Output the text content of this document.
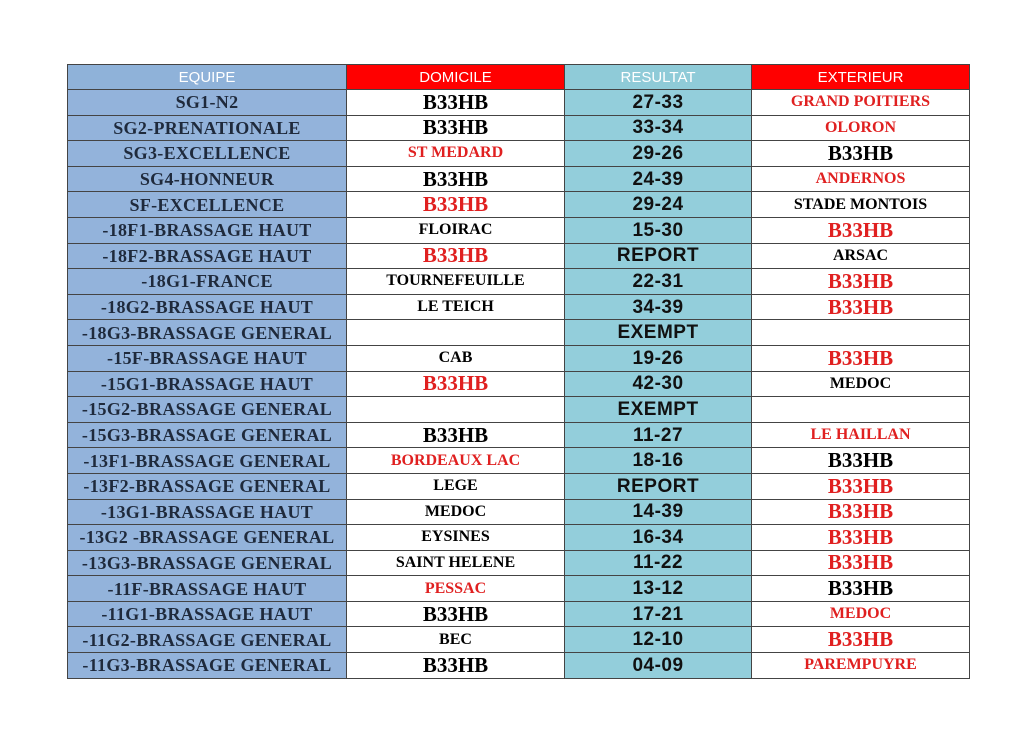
EQUIPE	DOMICILE	RESULTAT	EXTERIEUR
SG1-N2	B33HB	27-33	GRAND POITIERS
SG2-PRENATIONALE	B33HB	33-34	OLORON
SG3-EXCELLENCE	ST MEDARD	29-26	B33HB
SG4-HONNEUR	B33HB	24-39	ANDERNOS
SF-EXCELLENCE	B33HB	29-24	STADE MONTOIS
-18F1-BRASSAGE HAUT	FLOIRAC	15-30	B33HB
-18F2-BRASSAGE HAUT	B33HB	REPORT	ARSAC
-18G1-FRANCE	TOURNEFEUILLE	22-31	B33HB
-18G2-BRASSAGE HAUT	LE TEICH	34-39	B33HB
-18G3-BRASSAGE GENERAL		EXEMPT	
-15F-BRASSAGE HAUT	CAB	19-26	B33HB
-15G1-BRASSAGE HAUT	B33HB	42-30	MEDOC
-15G2-BRASSAGE GENERAL		EXEMPT	
-15G3-BRASSAGE GENERAL	B33HB	11-27	LE HAILLAN
-13F1-BRASSAGE GENERAL	BORDEAUX LAC	18-16	B33HB
-13F2-BRASSAGE GENERAL	LEGE	REPORT	B33HB
-13G1-BRASSAGE HAUT	MEDOC	14-39	B33HB
-13G2 -BRASSAGE GENERAL	EYSINES	16-34	B33HB
-13G3-BRASSAGE GENERAL	SAINT HELENE	11-22	B33HB
-11F-BRASSAGE HAUT	PESSAC	13-12	B33HB
-11G1-BRASSAGE HAUT	B33HB	17-21	MEDOC
-11G2-BRASSAGE GENERAL	BEC	12-10	B33HB
-11G3-BRASSAGE GENERAL	B33HB	04-09	PAREMPUYRE
